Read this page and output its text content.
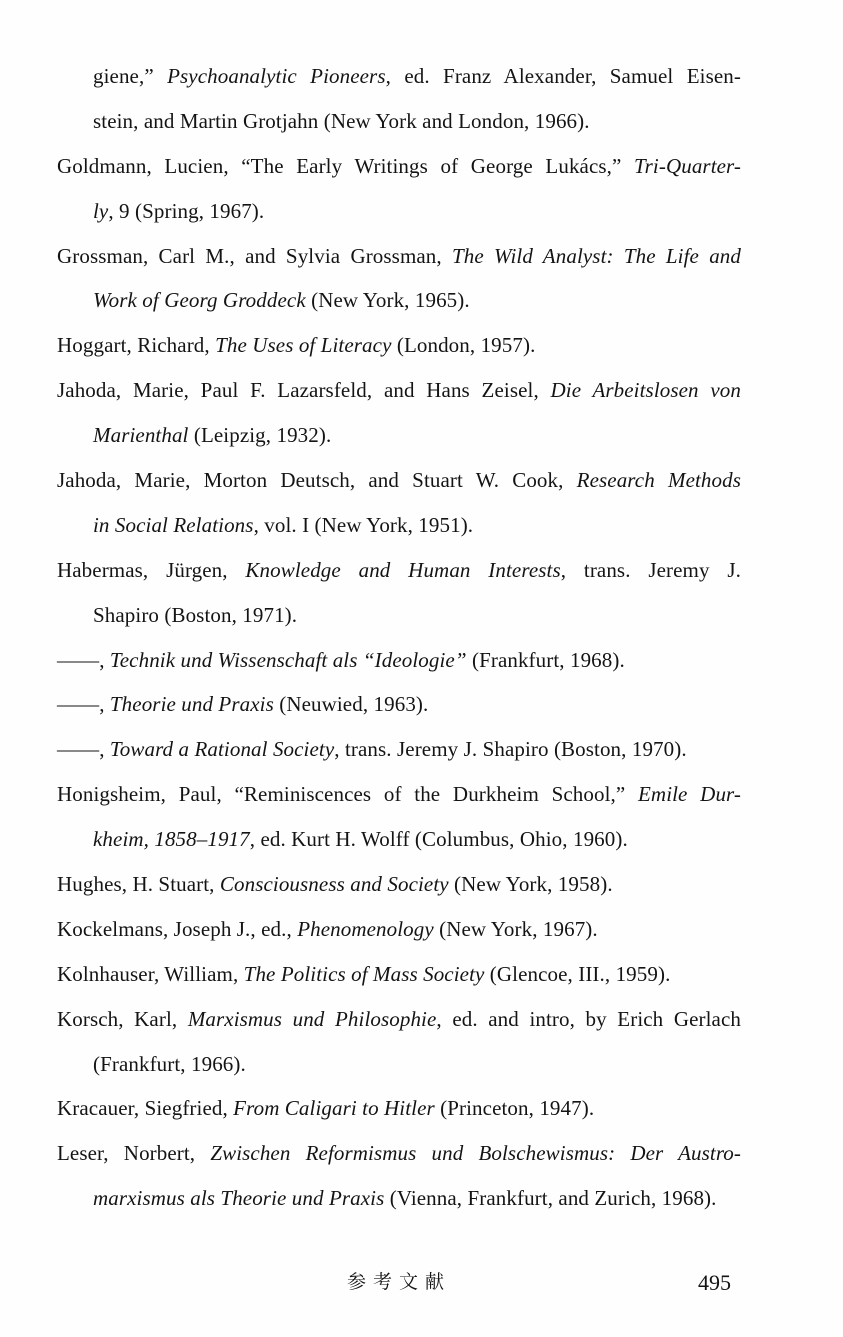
giene,” Psychoanalytic Pioneers, ed. Franz Alexander, Samuel Eisen-
stein, and Martin Grotjahn (New York and London, 1966).
Goldmann, Lucien, “The Early Writings of George Lukács,” Tri-Quarter-
ly, 9 (Spring, 1967).
Grossman, Carl M., and Sylvia Grossman, The Wild Analyst: The Life and
Work of Georg Groddeck (New York, 1965).
Hoggart, Richard, The Uses of Literacy (London, 1957).
Jahoda, Marie, Paul F. Lazarsfeld, and Hans Zeisel, Die Arbeitslosen von
Marienthal (Leipzig, 1932).
Jahoda, Marie, Morton Deutsch, and Stuart W. Cook, Research Methods
in Social Relations, vol. I (New York, 1951).
Habermas, Jürgen, Knowledge and Human Interests, trans. Jeremy J.
Shapiro (Boston, 1971).
——, Technik und Wissenschaft als “Ideologie” (Frankfurt, 1968).
——, Theorie und Praxis (Neuwied, 1963).
——, Toward a Rational Society, trans. Jeremy J. Shapiro (Boston, 1970).
Honigsheim, Paul, “Reminiscences of the Durkheim School,” Emile Dur-
kheim, 1858–1917, ed. Kurt H. Wolff (Columbus, Ohio, 1960).
Hughes, H. Stuart, Consciousness and Society (New York, 1958).
Kockelmans, Joseph J., ed., Phenomenology (New York, 1967).
Kolnhauser, William, The Politics of Mass Society (Glencoe, III., 1959).
Korsch, Karl, Marxismus und Philosophie, ed. and intro, by Erich Gerlach
(Frankfurt, 1966).
Kracauer, Siegfried, From Caligari to Hitler (Princeton, 1947).
Leser, Norbert, Zwischen Reformismus und Bolschewismus: Der Austro-
marxismus als Theorie und Praxis (Vienna, Frankfurt, and Zurich, 1968).
参考文献	495
